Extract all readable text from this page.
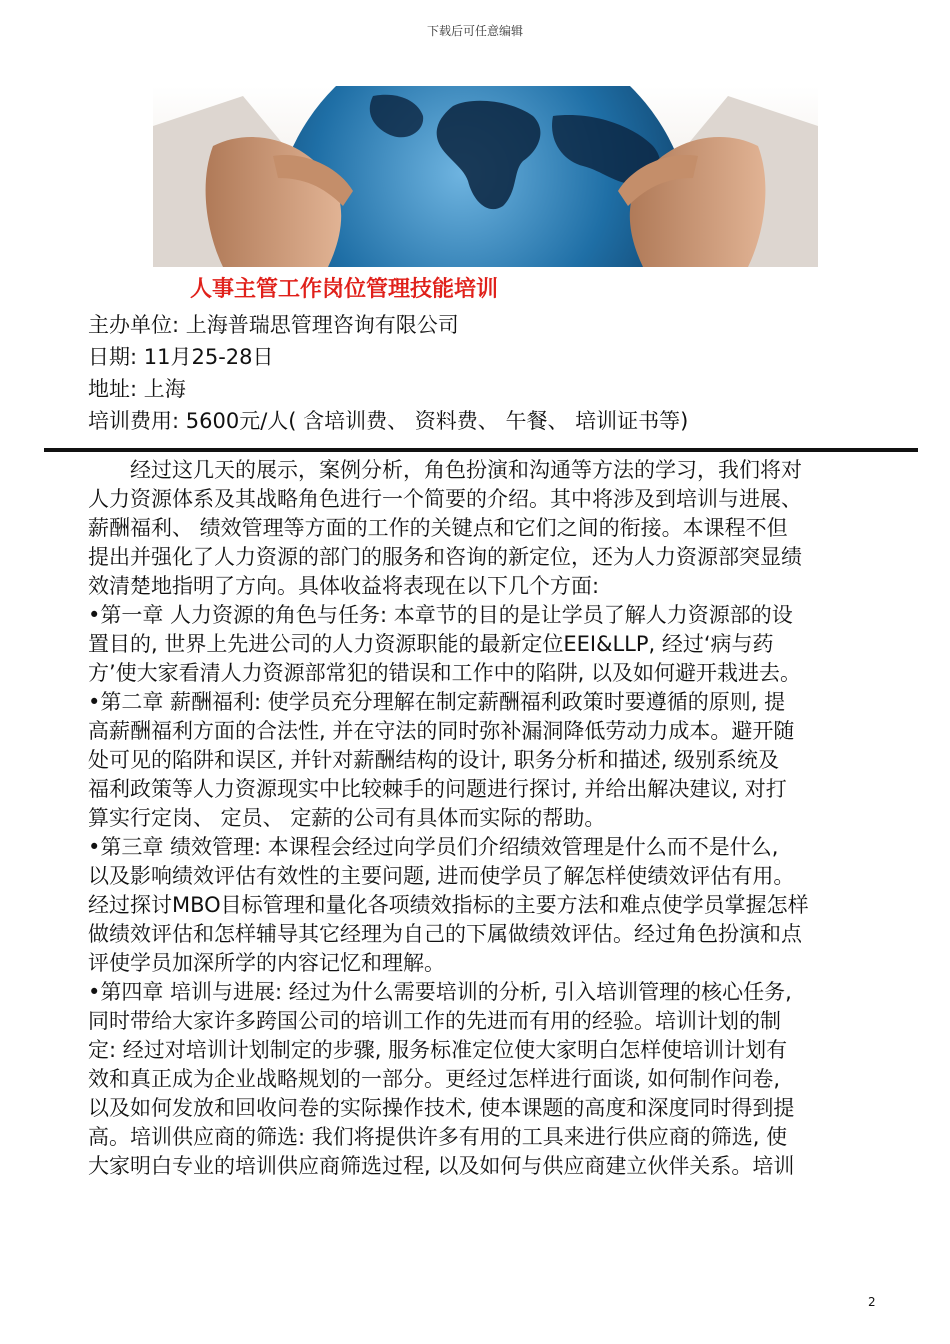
下载后可任意编辑
人事主管工作岗位管理技能培训
主办单位: 上海普瑞思管理咨询有限公司
日期: 11月25-28日
地址: 上海
培训费用: 5600元/人( 含培训费、 资料费、 午餐、 培训证书等)
经过这几天的展示，案例分析，角色扮演和沟通等方法的学习，我们将对
人力资源体系及其战略角色进行一个简要的介绍。其中将涉及到培训与进展、
薪酬福利、 绩效管理等方面的工作的关键点和它们之间的衔接。本课程不但
提出并强化了人力资源的部门的服务和咨询的新定位，还为人力资源部突显绩
效清楚地指明了方向。具体收益将表现在以下几个方面:
•第一章 人力资源的角色与任务: 本章节的目的是让学员了解人力资源部的设
置目的, 世界上先进公司的人力资源职能的最新定位EEI&LLP, 经过‘病与药
方’使大家看清人力资源部常犯的错误和工作中的陷阱, 以及如何避开栽进去。
•第二章 薪酬福利: 使学员充分理解在制定薪酬福利政策时要遵循的原则, 提
高薪酬福利方面的合法性, 并在守法的同时弥补漏洞降低劳动力成本。避开随
处可见的陷阱和误区, 并针对薪酬结构的设计, 职务分析和描述, 级别系统及
福利政策等人力资源现实中比较棘手的问题进行探讨, 并给出解决建议, 对打
算实行定岗、 定员、 定薪的公司有具体而实际的帮助。
•第三章 绩效管理: 本课程会经过向学员们介绍绩效管理是什么而不是什么,
以及影响绩效评估有效性的主要问题, 进而使学员了解怎样使绩效评估有用。
经过探讨MBO目标管理和量化各项绩效指标的主要方法和难点使学员掌握怎样
做绩效评估和怎样辅导其它经理为自己的下属做绩效评估。经过角色扮演和点
评使学员加深所学的内容记忆和理解。
•第四章 培训与进展: 经过为什么需要培训的分析, 引入培训管理的核心任务,
同时带给大家许多跨国公司的培训工作的先进而有用的经验。培训计划的制
定: 经过对培训计划制定的步骤, 服务标准定位使大家明白怎样使培训计划有
效和真正成为企业战略规划的一部分。更经过怎样进行面谈, 如何制作问卷,
以及如何发放和回收问卷的实际操作技术, 使本课题的高度和深度同时得到提
高。培训供应商的筛选: 我们将提供许多有用的工具来进行供应商的筛选, 使
大家明白专业的培训供应商筛选过程, 以及如何与供应商建立伙伴关系。培训
2
